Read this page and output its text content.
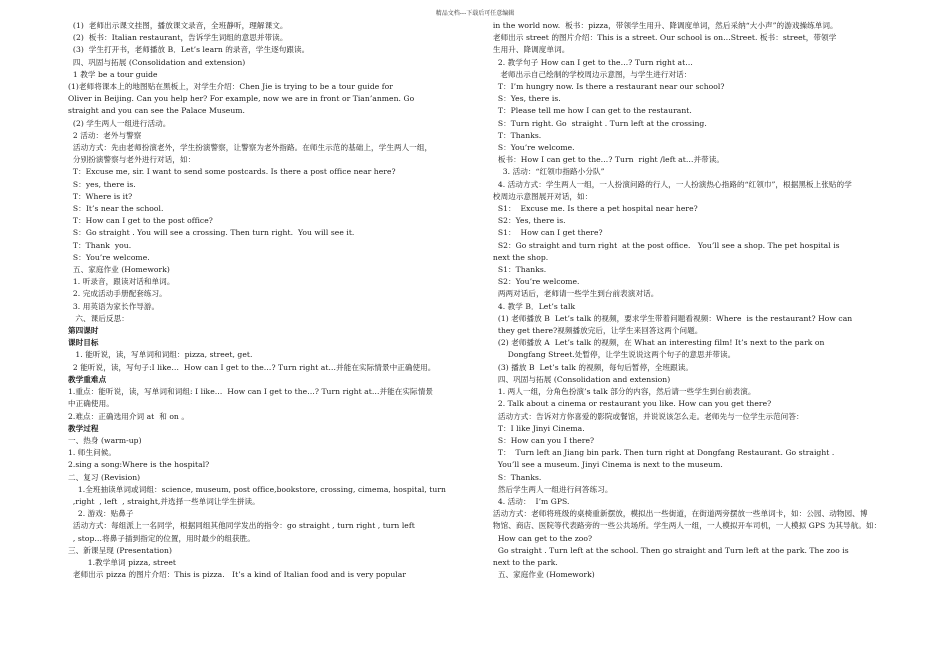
精品文档---下载后可任意编辑
(1)  老师出示课文挂图，播放课文录音，全班静听，理解课文。
(2)  板书：Italian restaurant，告诉学生词组的意思并带读。
(3)  学生打开书，老师播放 B．Let’s learn 的录音，学生逐句跟读。
四、巩固与拓展 (Consolidation and extension)
1 教学 be a tour guide
(1)老师将课本上的地图贴在黑板上，对学生介绍：Chen Jie is trying to be a tour guide for
Oliver in Beijing. Can you help her? For example, now we are in front or Tian’anmen. Go
straight and you can see the Palace Museum.
(2) 学生两人一组进行活动。
2 活动：老外与警察
活动方式：先由老师扮演老外，学生扮演警察，让警察为老外指路。在师生示范的基础上，学生两人一组，
分别扮演警察与老外进行对话，如：
T：Excuse me, sir. I want to send some postcards. Is there a post office near here?
S：yes, there is.
T：Where is it?
S：It’s near the school.
T：How can I get to the post office?
S：Go straight . You will see a crossing. Then turn right.  You will see it.
T：Thank  you.
S：You’re welcome.
五、家庭作业 (Homework)
1. 听录音，跟读对话和单词。
2. 完成活动手册配套练习。
3. 用英语为家长作导游。
六、课后反思：
第四课时
课时目标
1. 能听说，读，写单词和词组：pizza, street, get.
2 能听说，读，写句子:I like…  How can I get to the…? Turn right at…并能在实际情景中正确使用。
教学重难点
1.重点：能听说，读，写单词和词组: I like…  How can I get to the…? Turn right at…并能在实际情景
中正确使用。
2.难点：正确选用介词 at  和 on 。
教学过程
一、热身 (warm-up)
1. 师生问候。
2.sing a song:Where is the hospital?
二、复习 (Revision)
1.全班抽读单词或词组：science, museum, post office,bookstore, crossing, cimema, hospital, turn
,right  , left  , straight,并选择一些单词让学生拼读。
2. 游戏：贴鼻子
活动方式：每组派上一名同学，根据同组其他同学发出的指令：go straight , turn right , turn left
, stop…将鼻子插到指定的位置，用时最少的组获胜。
三、新课呈现 (Presentation)
1.教学单词 pizza, street
老师出示 pizza 的图片介绍：This is pizza.   It’s a kind of Italian food and is very popular
in the world now.  板书：pizza，带领学生用升、降调度单词，然后采纳“大小声”的游戏操练单词。
老师出示 street 的图片介绍：This is a street. Our school is on…Street. 板书：street，带领学
生用升、降调度单词。
2. 教学句子 How can I get to the…? Turn right at…
老师出示自己绘制的学校周边示意图，与学生进行对话：
T：I’m hungry now. Is there a restaurant near our school?
S：Yes, there is.
T：Please tell me how I can get to the restaurant.
S：Turn right. Go  straight . Turn left at the crossing.
T：Thanks.
S：You’re welcome.
板书：How I can get to the…? Turn  right /left at…并带读。
3. 活动：“红领巾指路小分队”
4. 活动方式：学生两人一组，一人扮演问路的行人，一人扮演热心指路的“红领巾”，根据黑板上张贴的学
校周边示意图展开对话，如：
S1：  Excuse me. Is there a pet hospital near here?
S2：Yes, there is.
S1：  How can I get there?
S2：Go straight and turn right  at the post office.   You’ll see a shop. The pet hospital is
next the shop.
S1：Thanks.
S2：You’re welcome.
两两对话后，老师请一些学生到台前表演对话。
4. 教学 B．Let’s talk
(1) 老师播放 B  Let’s talk 的视频，要求学生带着问题看视频：Where  is the restaurant? How can
they get there?视频播放完后，让学生来回答这两个问题。
(2) 老师播放 A  Let’s talk 的视频，在 What an interesting film! It’s next to the park on
Dongfang Street.处暂停，让学生说说这两个句子的意思并带读。
(3) 播放 B  Let’s talk 的视频，每句后暂停，全班跟读。
四、巩固与拓展 (Consolidation and extension)
1. 两人一组，分角色扮演’s talk 部分的内容，然后请一些学生到台前表演。
2. Talk about a cinema or restaurant you like. How can you get there?
活动方式：告诉对方你喜爱的影院或餐馆，并说说该怎么走。老师先与一位学生示范问答：
T：I like Jinyi Cinema.
S：How can you I there?
T：  Turn left an Jiang bin park. Then turn right at Dongfang Restaurant. Go straight .
You’ll see a museum. Jinyi Cinema is next to the museum.
S：Thanks.
然后学生两人一组进行问答练习。
4. 活动：  I’m GPS.
活动方式：老师将班级的桌椅重新摆放，模拟出一些街道，在街道两旁摆放一些单词卡，如：公园、动物园、博
物馆、商店、医院等代表路旁的一些公共场所。学生两人一组，一人模拟开车司机，一人模拟 GPS 为其导航。如：
How can get to the zoo?
Go straight . Turn left at the school. Then go straight and Turn left at the park. The zoo is
next to the park.
五、家庭作业 (Homework)
